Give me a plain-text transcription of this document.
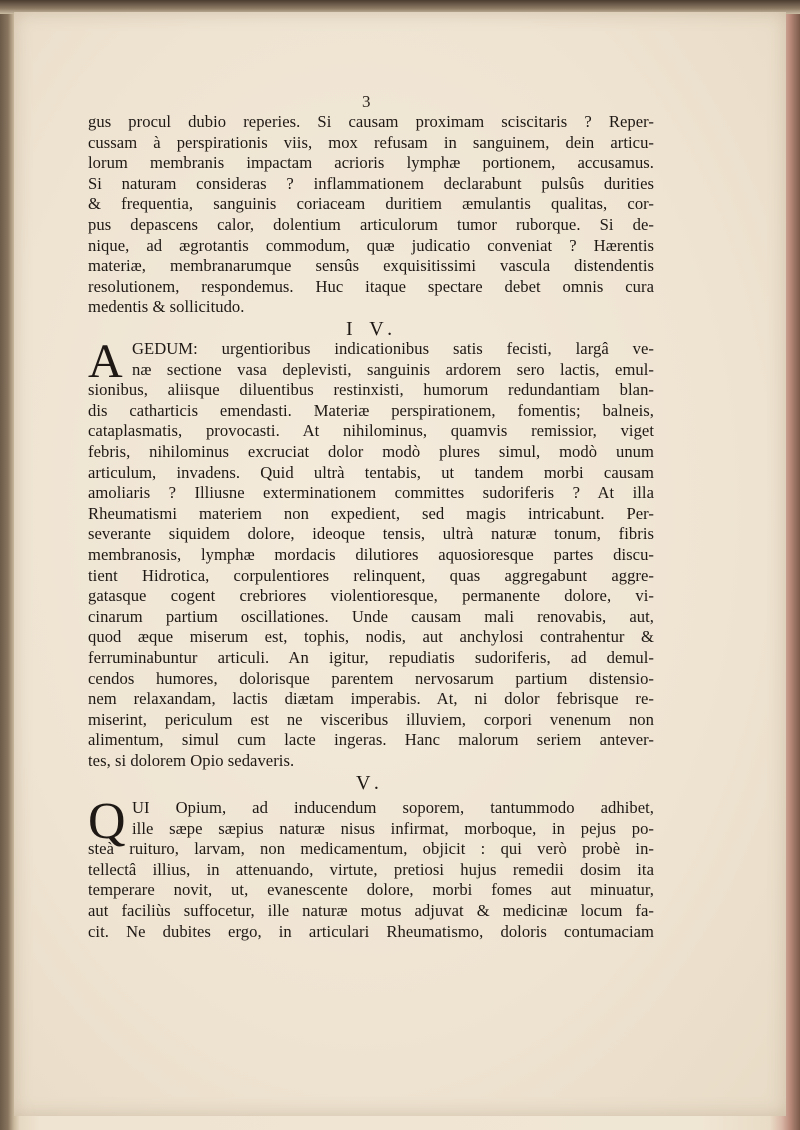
3
gus procul dubio reperies. Si causam proximam sciscitaris ? Reper-
cussam à perspirationis viis, mox refusam in sanguinem, dein articu-
lorum membranis impactam acrioris lymphæ portionem, accusamus.
Si naturam consideras ? inflammationem declarabunt pulsûs durities
& frequentia, sanguinis coriaceam duritiem æmulantis qualitas, cor-
pus depascens calor, dolentium articulorum tumor ruborque. Si de-
nique, ad ægrotantis commodum, quæ judicatio conveniat ? Hærentis
materiæ, membranarumque sensûs exquisitissimi vascula distendentis
resolutionem, respondemus. Huc itaque spectare debet omnis cura
medentis & sollicitudo.
I V.
A GEDUM: urgentioribus indicationibus satis fecisti, largâ ve-
næ sectione vasa deplevisti, sanguinis ardorem sero lactis, emul-
sionibus, aliisque diluentibus restinxisti, humorum redundantiam blan-
dis catharticis emendasti. Materiæ perspirationem, fomentis; balneis,
cataplasmatis, provocasti. At nihilominus, quamvis remissior, viget
febris, nihilominus excruciat dolor modò plures simul, modò unum
articulum, invadens. Quid ultrà tentabis, ut tandem morbi causam
amoliaris ? Illiusne exterminationem committes sudoriferis ? At illa
Rheumatismi materiem non expedient, sed magis intricabunt. Per-
severante siquidem dolore, ideoque tensis, ultrà naturæ tonum, fibris
membranosis, lymphæ mordacis dilutiores aquosioresque partes discu-
tient Hidrotica, corpulentiores relinquent, quas aggregabunt aggre-
gatasque cogent crebriores violentioresque, permanente dolore, vi-
cinarum partium oscillationes. Unde causam mali renovabis, aut,
quod æque miserum est, tophis, nodis, aut anchylosi contrahentur &
ferruminabuntur articuli. An igitur, repudiatis sudoriferis, ad demul-
cendos humores, dolorisque parentem nervosarum partium distensio-
nem relaxandam, lactis diætam imperabis. At, ni dolor febrisque re-
miserint, periculum est ne visceribus illuviem, corpori venenum non
alimentum, simul cum lacte ingeras. Hanc malorum seriem antever-
tes, si dolorem Opio sedaveris.
V.
Q UI Opium, ad inducendum soporem, tantummodo adhibet,
ille sæpe sæpius naturæ nisus infirmat, morboque, in pejus po-
steà ruituro, larvam, non medicamentum, objicit : qui verò probè in-
tellectâ illius, in attenuando, virtute, pretiosi hujus remedii dosim ita
temperare novit, ut, evanescente dolore, morbi fomes aut minuatur,
aut faciliùs suffocetur, ille naturæ motus adjuvat & medicinæ locum fa-
cit. Ne dubites ergo, in articulari Rheumatismo, doloris contumaciam
